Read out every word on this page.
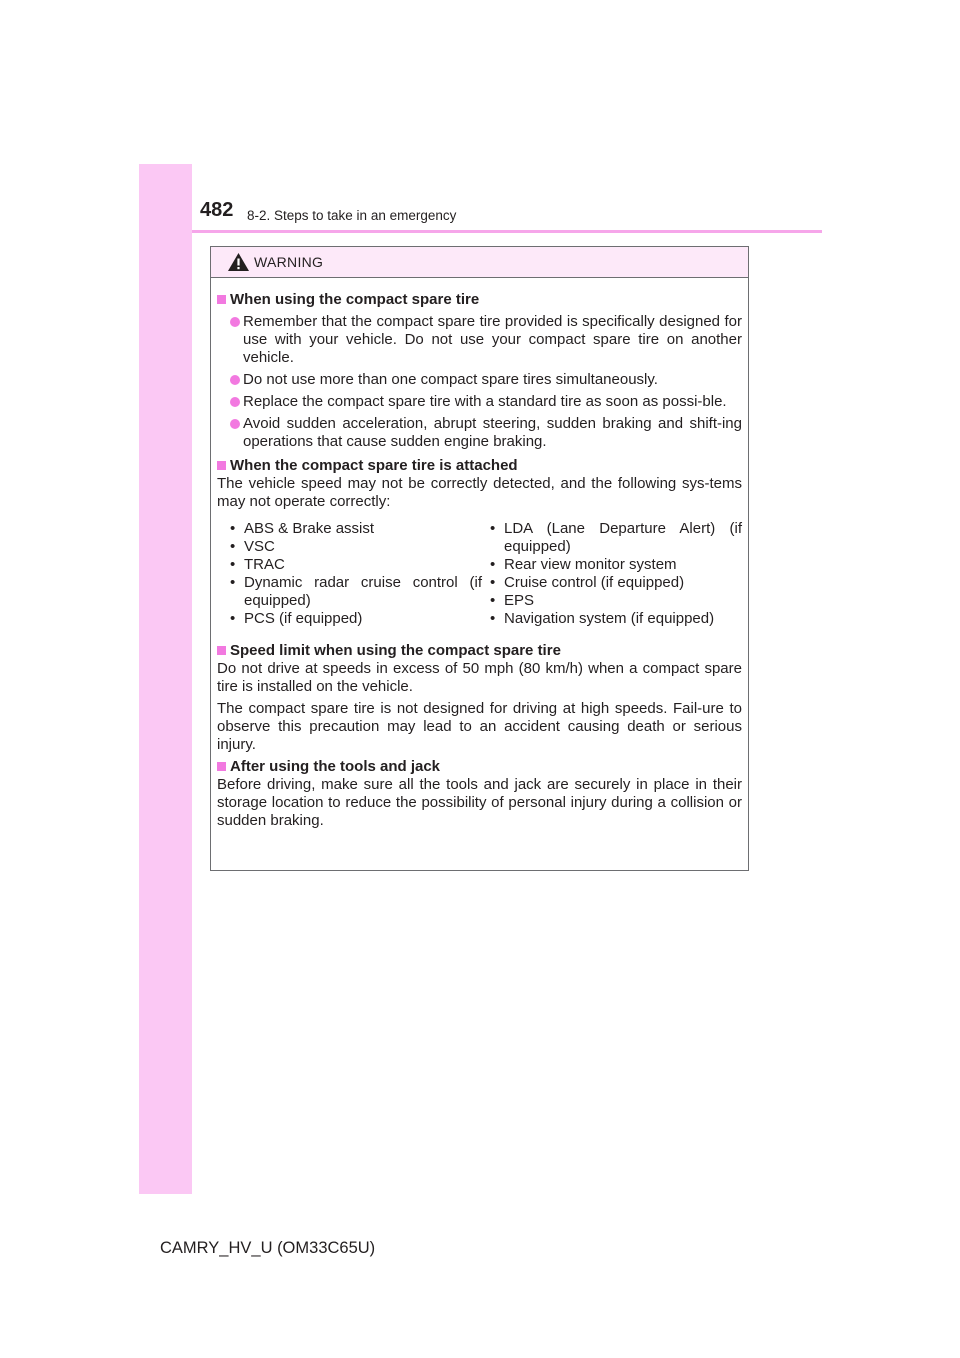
482 8-2. Steps to take in an emergency
WARNING
When using the compact spare tire
Remember that the compact spare tire provided is specifically designed for use with your vehicle. Do not use your compact spare tire on another vehicle.
Do not use more than one compact spare tires simultaneously.
Replace the compact spare tire with a standard tire as soon as possi-ble.
Avoid sudden acceleration, abrupt steering, sudden braking and shift-ing operations that cause sudden engine braking.
When the compact spare tire is attached

The vehicle speed may not be correctly detected, and the following sys-tems may not operate correctly:

• ABS & Brake assist
• VSC
• TRAC
• Dynamic radar cruise control (if equipped)
• PCS (if equipped)
• LDA (Lane Departure Alert) (if equipped)
• Rear view monitor system
• Cruise control (if equipped)
• EPS
• Navigation system (if equipped)
Speed limit when using the compact spare tire

Do not drive at speeds in excess of 50 mph (80 km/h) when a compact spare tire is installed on the vehicle.

The compact spare tire is not designed for driving at high speeds. Fail-ure to observe this precaution may lead to an accident causing death or serious injury.

After using the tools and jack

Before driving, make sure all the tools and jack are securely in place in their storage location to reduce the possibility of personal injury during a collision or sudden braking.

CAMRY_HV_U (OM33C65U)
